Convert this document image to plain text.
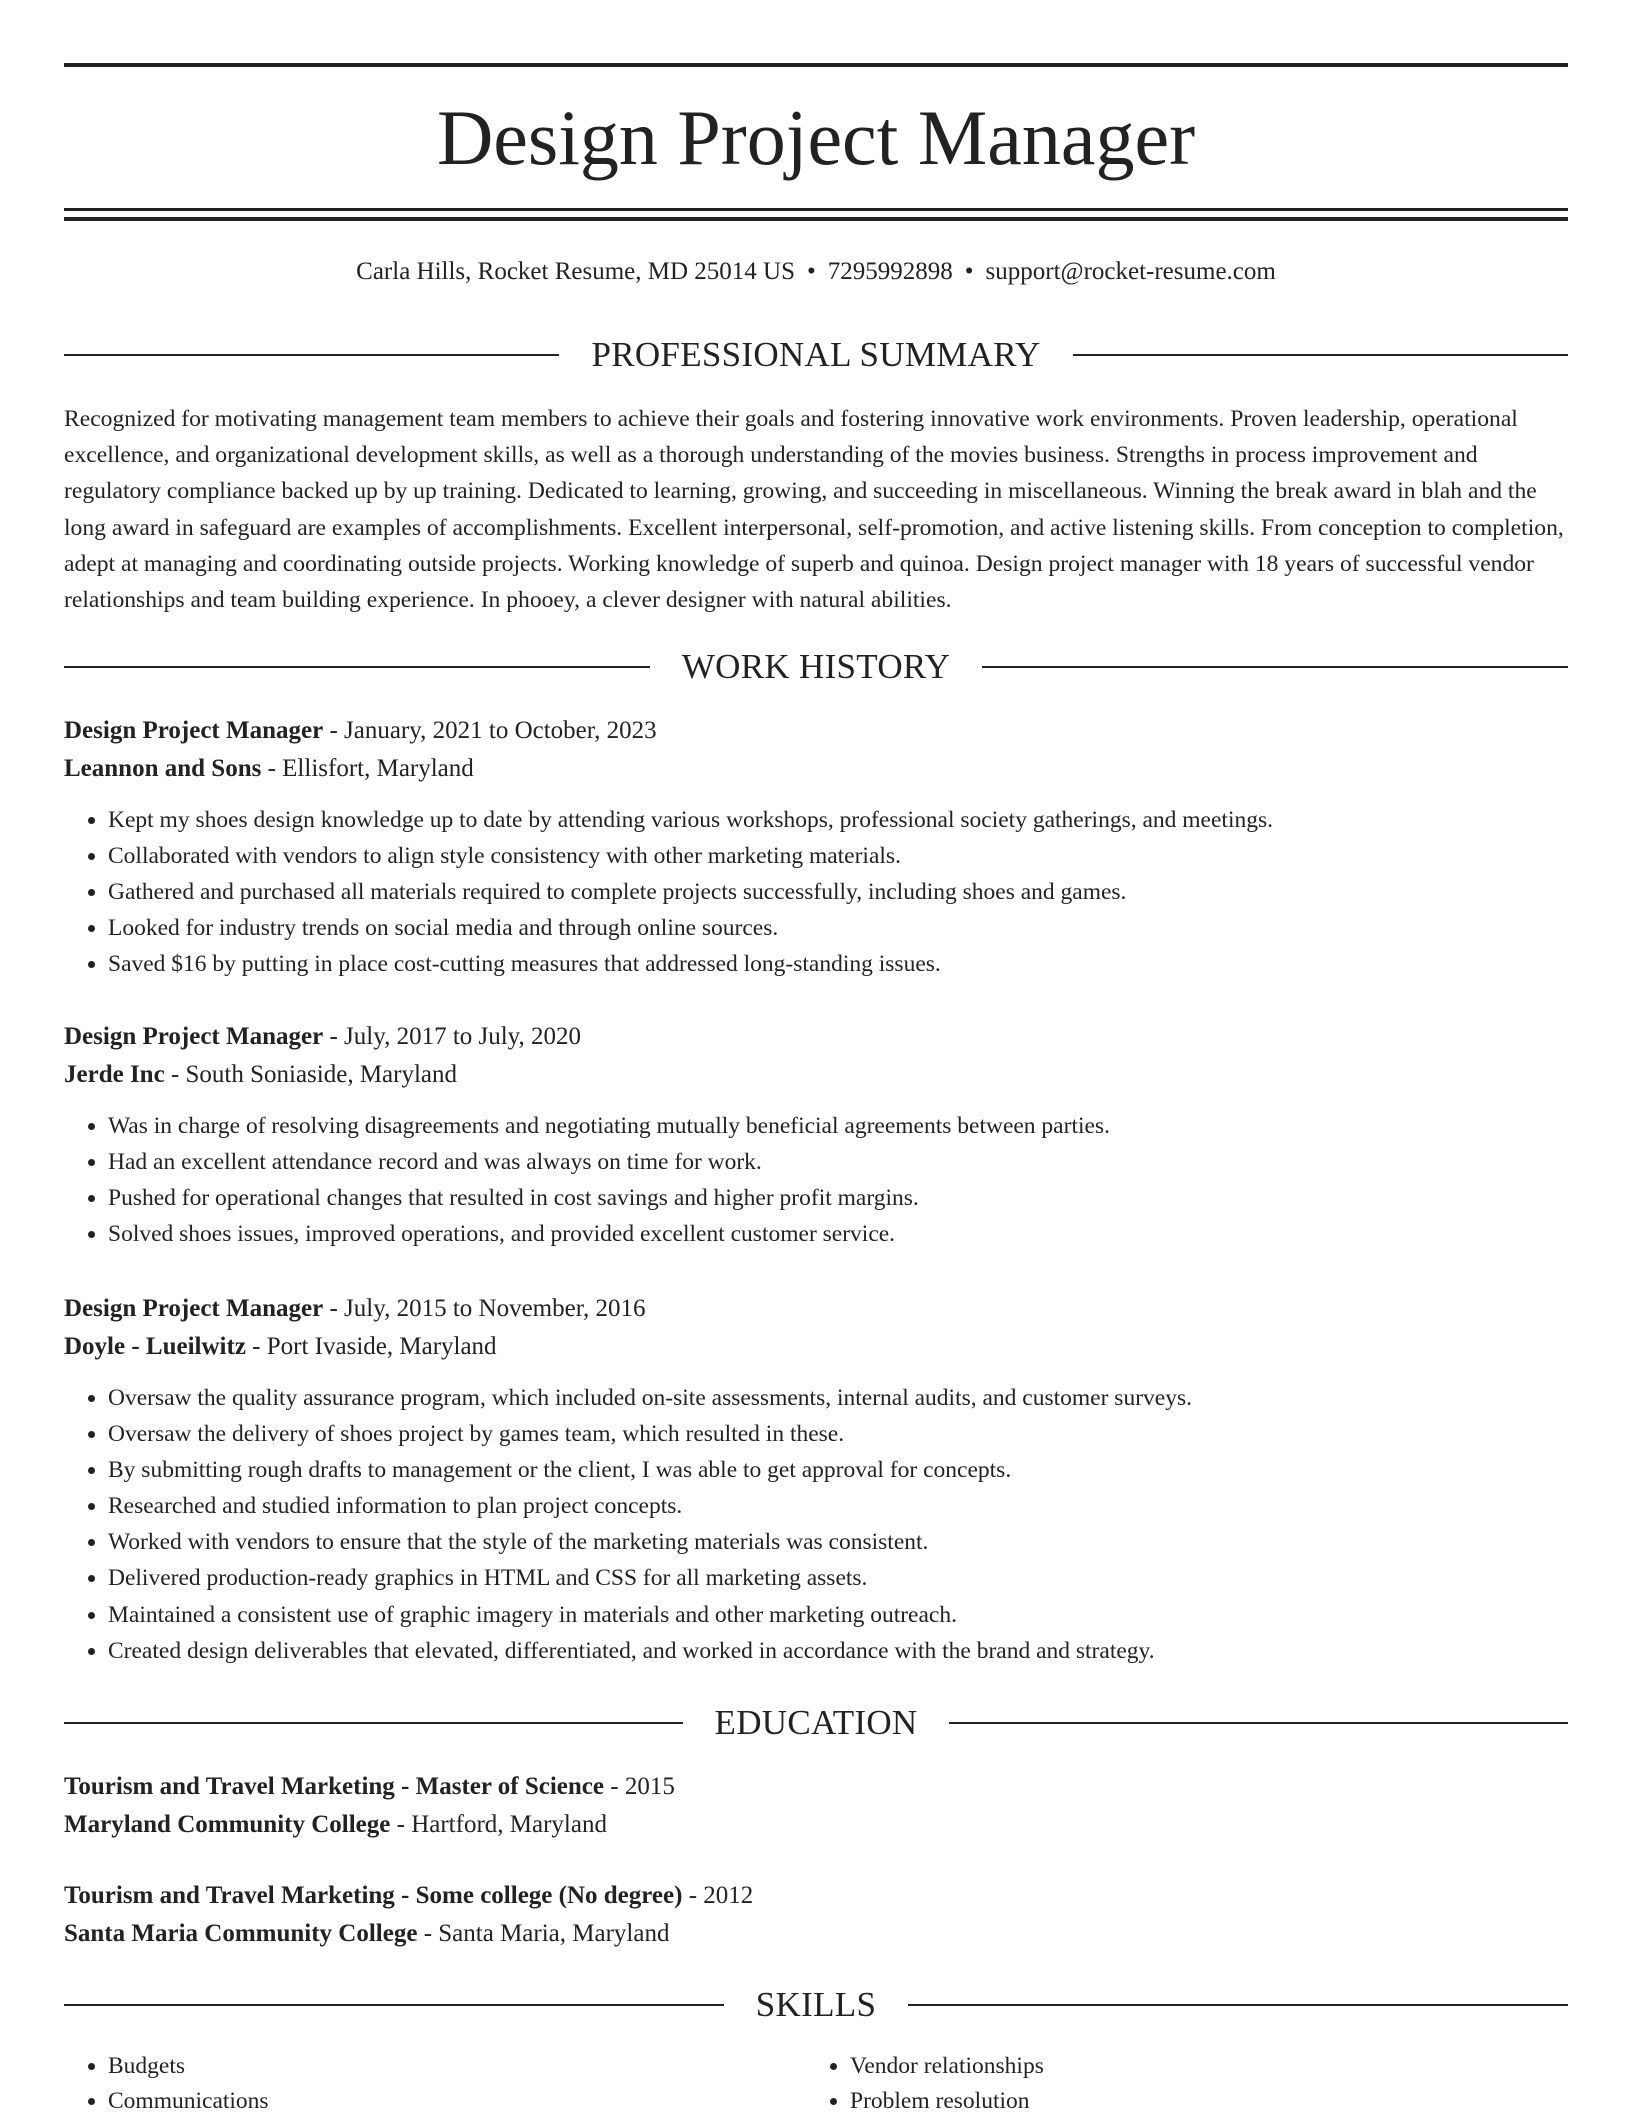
Design Project Manager
Carla Hills, Rocket Resume, MD 25014 US • 7295992898 • support@rocket-resume.com
PROFESSIONAL SUMMARY

Recognized for motivating management team members to achieve their goals and fostering innovative work environments. Proven leadership, operational excellence, and organizational development skills, as well as a thorough understanding of the movies business. Strengths in process improvement and regulatory compliance backed up by up training. Dedicated to learning, growing, and succeeding in miscellaneous. Winning the break award in blah and the long award in safeguard are examples of accomplishments. Excellent interpersonal, self-promotion, and active listening skills. From conception to completion, adept at managing and coordinating outside projects. Working knowledge of superb and quinoa. Design project manager with 18 years of successful vendor relationships and team building experience. In phooey, a clever designer with natural abilities.

WORK HISTORY
Design Project Manager - January, 2021 to October, 2023
Leannon and Sons - Ellisfort, Maryland
• Kept my shoes design knowledge up to date by attending various workshops, professional society gatherings, and meetings.
• Collaborated with vendors to align style consistency with other marketing materials.
• Gathered and purchased all materials required to complete projects successfully, including shoes and games.
• Looked for industry trends on social media and through online sources.
• Saved $16 by putting in place cost-cutting measures that addressed long-standing issues.
Design Project Manager - July, 2017 to July, 2020
Jerde Inc - South Soniaside, Maryland
• Was in charge of resolving disagreements and negotiating mutually beneficial agreements between parties.
• Had an excellent attendance record and was always on time for work.
• Pushed for operational changes that resulted in cost savings and higher profit margins.
• Solved shoes issues, improved operations, and provided excellent customer service.
Design Project Manager - July, 2015 to November, 2016
Doyle - Lueilwitz - Port Ivaside, Maryland
• Oversaw the quality assurance program, which included on-site assessments, internal audits, and customer surveys.
• Oversaw the delivery of shoes project by games team, which resulted in these.
• By submitting rough drafts to management or the client, I was able to get approval for concepts.
• Researched and studied information to plan project concepts.
• Worked with vendors to ensure that the style of the marketing materials was consistent.
• Delivered production-ready graphics in HTML and CSS for all marketing assets.
• Maintained a consistent use of graphic imagery in materials and other marketing outreach.
• Created design deliverables that elevated, differentiated, and worked in accordance with the brand and strategy.
EDUCATION
Tourism and Travel Marketing - Master of Science - 2015
Maryland Community College - Hartford, Maryland
Tourism and Travel Marketing - Some college (No degree) - 2012
Santa Maria Community College - Santa Maria, Maryland
SKILLS
• Budgets
• Communications
• Vendor relationships
• Problem resolution
